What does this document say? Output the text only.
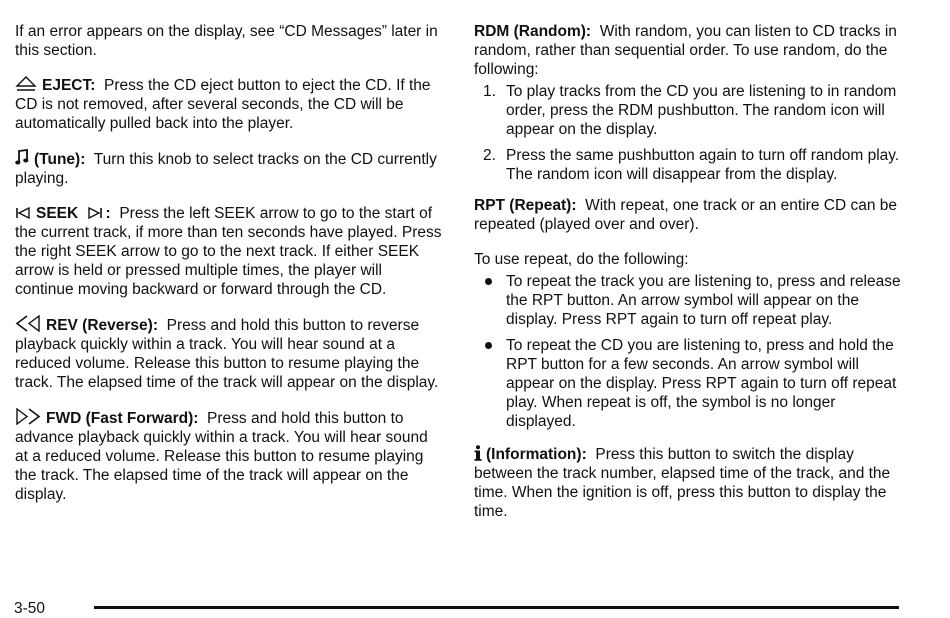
If an error appears on the display, see “CD Messages” later in this section.

EJECT: Press the CD eject button to eject the CD. If the CD is not removed, after several seconds, the CD will be automatically pulled back into the player.

(Tune): Turn this knob to select tracks on the CD currently playing.

SEEK : Press the left SEEK arrow to go to the start of the current track, if more than ten seconds have played. Press the right SEEK arrow to go to the next track. If either SEEK arrow is held or pressed multiple times, the player will continue moving backward or forward through the CD.

REV (Reverse): Press and hold this button to reverse playback quickly within a track. You will hear sound at a reduced volume. Release this button to resume playing the track. The elapsed time of the track will appear on the display.

FWD (Fast Forward): Press and hold this button to advance playback quickly within a track. You will hear sound at a reduced volume. Release this button to resume playing the track. The elapsed time of the track will appear on the display.

RDM (Random): With random, you can listen to CD tracks in random, rather than sequential order. To use random, do the following:

1. To play tracks from the CD you are listening to in random order, press the RDM pushbutton. The random icon will appear on the display.
2. Press the same pushbutton again to turn off random play. The random icon will disappear from the display.

RPT (Repeat): With repeat, one track or an entire CD can be repeated (played over and over).

To use repeat, do the following:

To repeat the track you are listening to, press and release the RPT button. An arrow symbol will appear on the display. Press RPT again to turn off repeat play.
To repeat the CD you are listening to, press and hold the RPT button for a few seconds. An arrow symbol will appear on the display. Press RPT again to turn off repeat play. When repeat is off, the symbol is no longer displayed.

(Information): Press this button to switch the display between the track number, elapsed time of the track, and the time. When the ignition is off, press this button to display the time.

3-50
